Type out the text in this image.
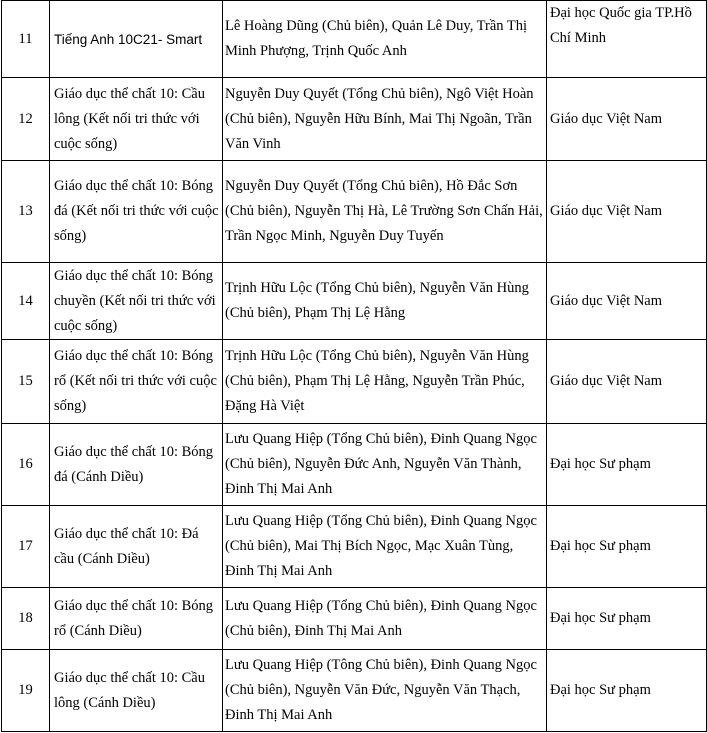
11	Tiếng Anh 10C21- Smart	Lê Hoàng Dũng (Chủ biên), Quản Lê Duy, Trần Thị Minh Phượng, Trịnh Quốc Anh	Đại học Quốc gia TP.Hồ Chí Minh
12	Giáo dục thể chất 10: Cầu lông (Kết nối tri thức với cuộc sống)	Nguyễn Duy Quyết (Tổng Chủ biên), Ngô Việt Hoàn (Chủ biên), Nguyễn Hữu Bính, Mai Thị Ngoãn, Trần Văn Vinh	Giáo dục Việt Nam
13	Giáo dục thể chất 10: Bóng đá (Kết nối tri thức với cuộc sống)	Nguyễn Duy Quyết (Tổng Chủ biên), Hồ Đắc Sơn (Chủ biên), Nguyễn Thị Hà, Lê Trường Sơn Chấn Hải, Trần Ngọc Minh, Nguyễn Duy Tuyến	Giáo dục Việt Nam
14	Giáo dục thể chất 10: Bóng chuyền (Kết nối tri thức với cuộc sống)	Trịnh Hữu Lộc (Tổng Chủ biên), Nguyễn Văn Hùng (Chủ biên), Phạm Thị Lệ Hằng	Giáo dục Việt Nam
15	Giáo dục thể chất 10: Bóng rổ (Kết nối tri thức với cuộc sống)	Trịnh Hữu Lộc (Tổng Chủ biên), Nguyễn Văn Hùng (Chủ biên), Phạm Thị Lệ Hằng, Nguyễn Trần Phúc, Đặng Hà Việt	Giáo dục Việt Nam
16	Giáo dục thể chất 10: Bóng đá (Cánh Diều)	Lưu Quang Hiệp (Tổng Chủ biên), Đinh Quang Ngọc (Chủ biên), Nguyễn Đức Anh, Nguyễn Văn Thành, Đinh Thị Mai Anh	Đại học Sư phạm
17	Giáo dục thể chất 10: Đá cầu (Cánh Diều)	Lưu Quang Hiệp (Tổng Chủ biên), Đinh Quang Ngọc (Chủ biên), Mai Thị Bích Ngọc, Mạc Xuân Tùng, Đinh Thị Mai Anh	Đại học Sư phạm
18	Giáo dục thể chất 10: Bóng rổ (Cánh Diều)	Lưu Quang Hiệp (Tổng Chủ biên), Đinh Quang Ngọc (Chủ biên), Đinh Thị Mai Anh	Đại học Sư phạm
19	Giáo dục thể chất 10: Cầu lông (Cánh Diều)	Lưu Quang Hiệp (Tông Chủ biên), Đinh Quang Ngọc (Chủ biên), Nguyễn Văn Đức, Nguyễn Văn Thạch, Đinh Thị Mai Anh	Đại học Sư phạm
